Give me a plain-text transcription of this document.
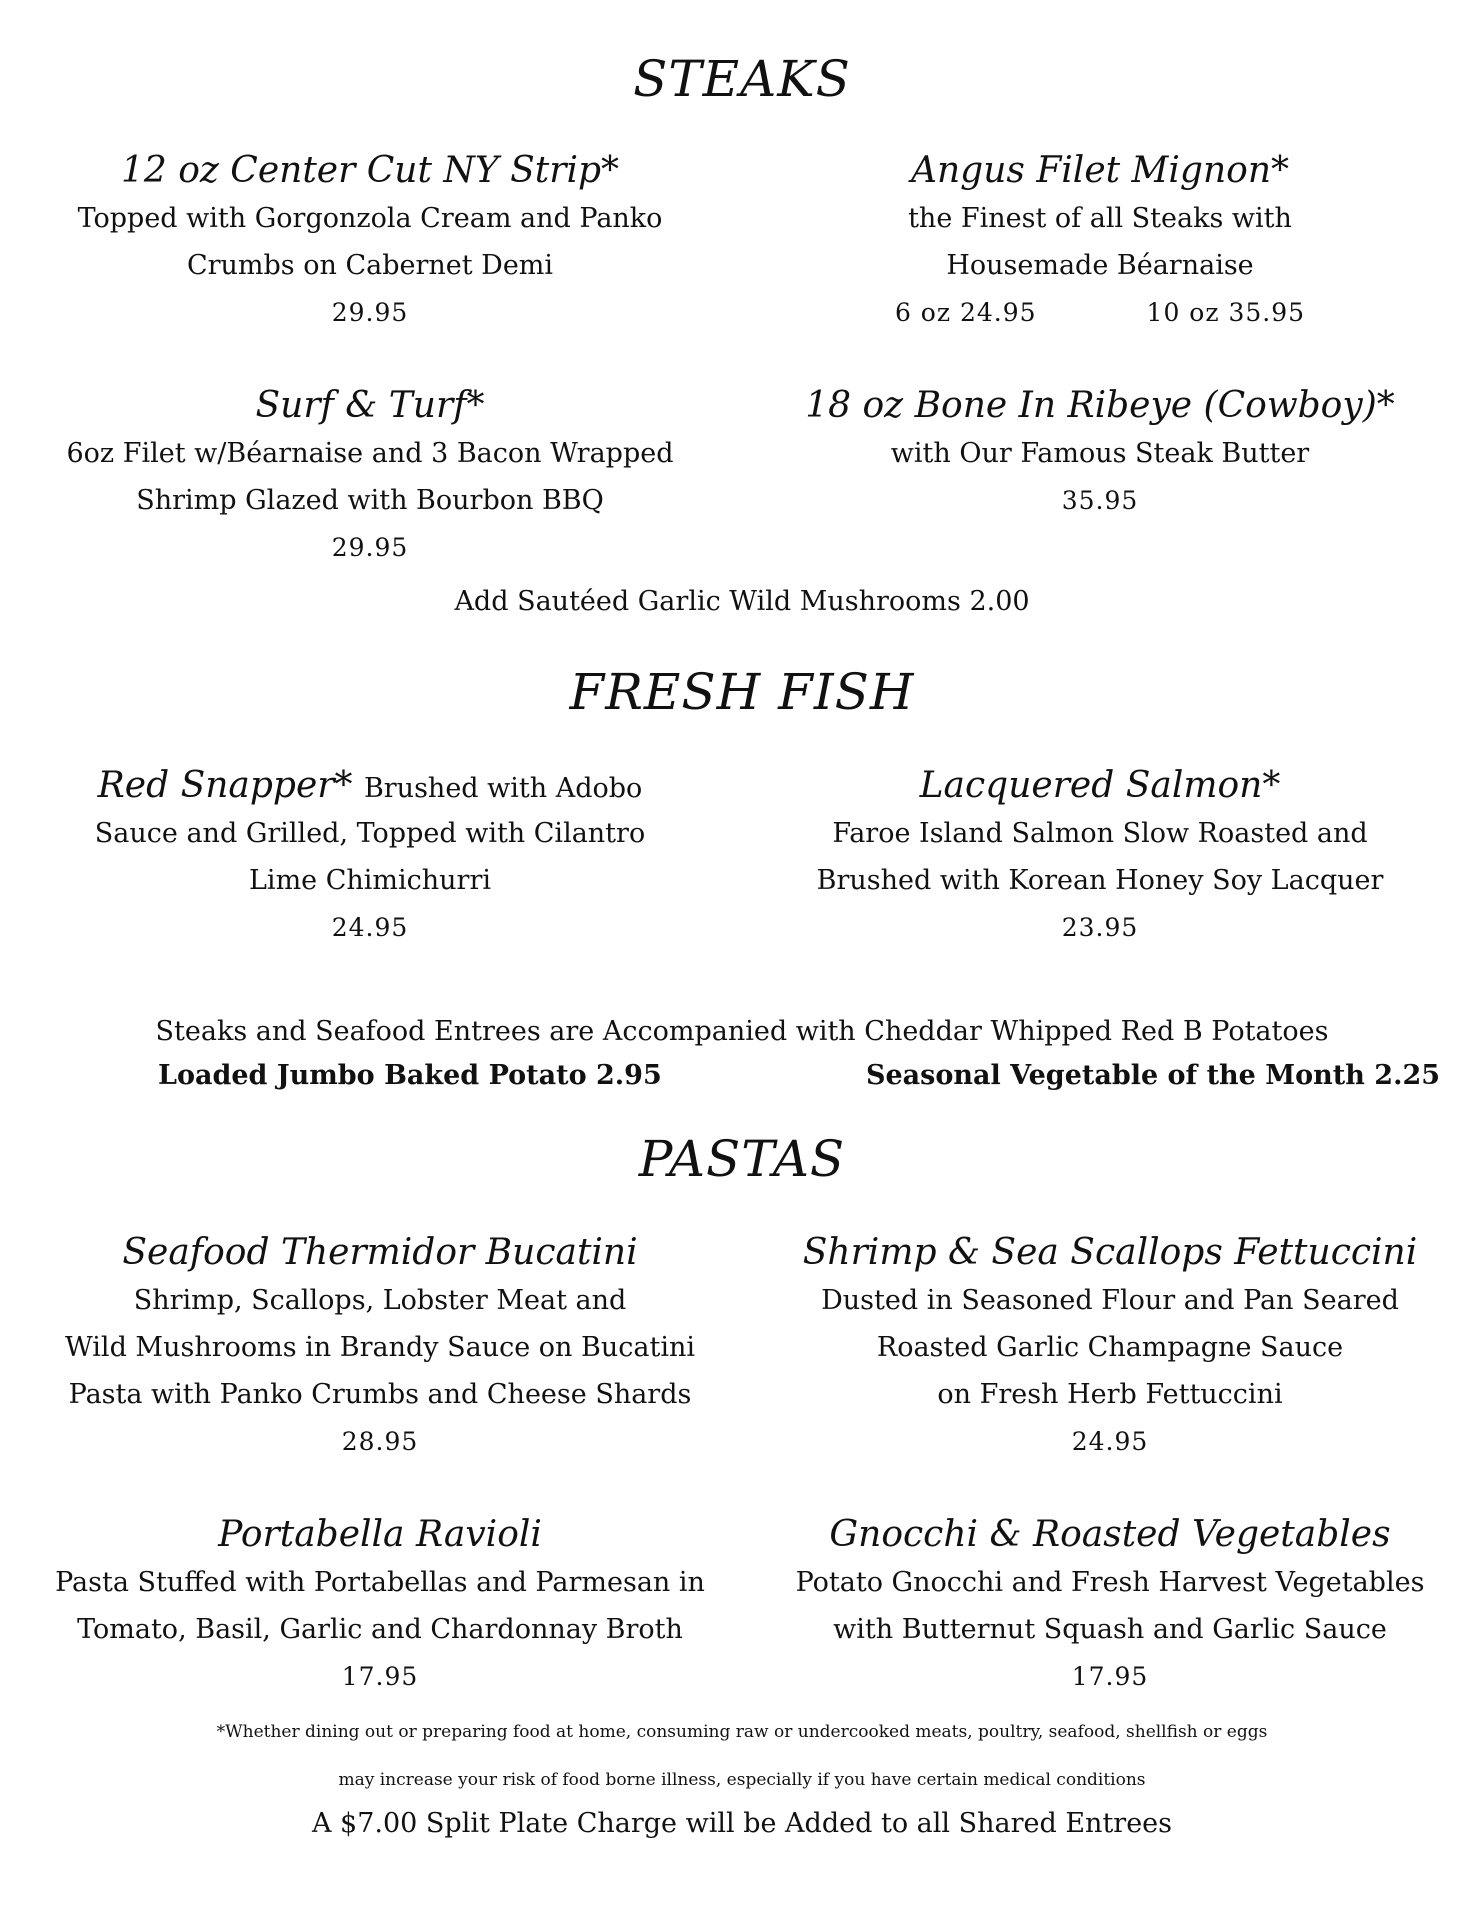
STEAKS
12 oz Center Cut NY Strip*

Topped with Gorgonzola Cream and Panko

Crumbs on Cabernet Demi

29.95

Angus Filet Mignon*

the Finest of all Steaks with

Housemade Béarnaise

6 oz 24.95	10 oz 35.95
Surf & Turf*

6oz Filet w/Béarnaise and 3 Bacon Wrapped

Shrimp Glazed with Bourbon BBQ

29.95

18 oz Bone In Ribeye (Cowboy)*

with Our Famous Steak Butter

35.95

Add Sautéed Garlic Wild Mushrooms 2.00

FRESH FISH
Red Snapper* Brushed with Adobo

Sauce and Grilled, Topped with Cilantro

Lime Chimichurri

24.95

Lacquered Salmon*

Faroe Island Salmon Slow Roasted and

Brushed with Korean Honey Soy Lacquer

23.95

Steaks and Seafood Entrees are Accompanied with Cheddar Whipped Red B Potatoes

Loaded Jumbo Baked Potato 2.95	Seasonal Vegetable of the Month 2.25
PASTAS
Seafood Thermidor Bucatini

Shrimp, Scallops, Lobster Meat and

Wild Mushrooms in Brandy Sauce on Bucatini

Pasta with Panko Crumbs and Cheese Shards

28.95

Shrimp & Sea Scallops Fettuccini

Dusted in Seasoned Flour and Pan Seared

Roasted Garlic Champagne Sauce

on Fresh Herb Fettuccini

24.95

Portabella Ravioli

Pasta Stuffed with Portabellas and Parmesan in

Tomato, Basil, Garlic and Chardonnay Broth

17.95

Gnocchi & Roasted Vegetables

Potato Gnocchi and Fresh Harvest Vegetables

with Butternut Squash and Garlic Sauce

17.95

*Whether dining out or preparing food at home, consuming raw or undercooked meats, poultry, seafood, shellfish or eggs

may increase your risk of food borne illness, especially if you have certain medical conditions

A $7.00 Split Plate Charge will be Added to all Shared Entrees
